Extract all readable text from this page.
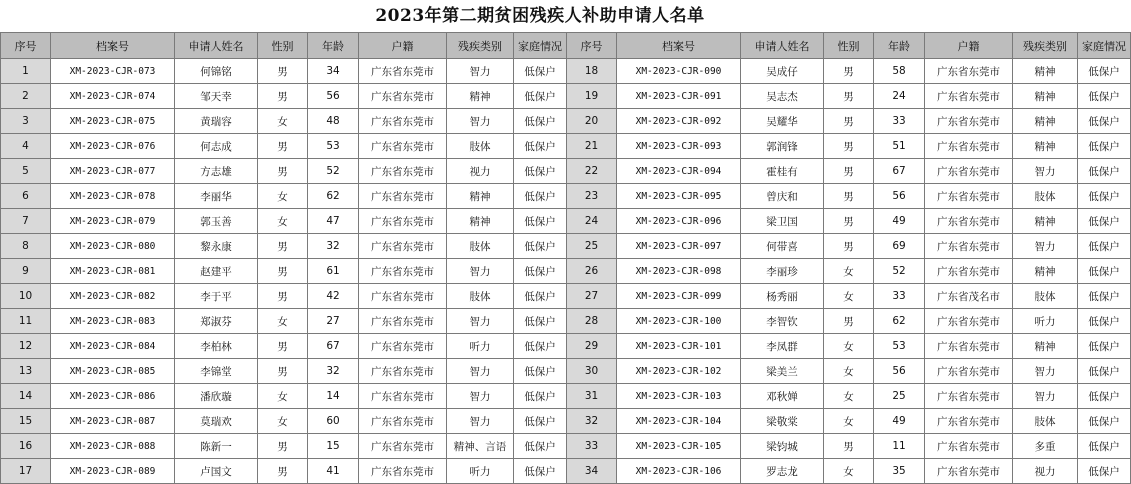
2023年第二期贫困残疾人补助申请人名单
序号	档案号	申请人姓名	性别	年龄	户籍	残疾类别	家庭情况	序号	档案号	申请人姓名	性别	年龄	户籍	残疾类别	家庭情况
1	XM-2023-CJR-073	何锦铭	男	34	广东省东莞市	智力	低保户	18	XM-2023-CJR-090	吴成仔	男	58	广东省东莞市	精神	低保户
2	XM-2023-CJR-074	邹天幸	男	56	广东省东莞市	精神	低保户	19	XM-2023-CJR-091	吴志杰	男	24	广东省东莞市	精神	低保户
3	XM-2023-CJR-075	黄瑞容	女	48	广东省东莞市	智力	低保户	20	XM-2023-CJR-092	吴耀华	男	33	广东省东莞市	精神	低保户
4	XM-2023-CJR-076	何志成	男	53	广东省东莞市	肢体	低保户	21	XM-2023-CJR-093	郭润锋	男	51	广东省东莞市	精神	低保户
5	XM-2023-CJR-077	方志雄	男	52	广东省东莞市	视力	低保户	22	XM-2023-CJR-094	霍桂有	男	67	广东省东莞市	智力	低保户
6	XM-2023-CJR-078	李丽华	女	62	广东省东莞市	精神	低保户	23	XM-2023-CJR-095	曾庆和	男	56	广东省东莞市	肢体	低保户
7	XM-2023-CJR-079	郭玉善	女	47	广东省东莞市	精神	低保户	24	XM-2023-CJR-096	梁卫国	男	49	广东省东莞市	精神	低保户
8	XM-2023-CJR-080	黎永康	男	32	广东省东莞市	肢体	低保户	25	XM-2023-CJR-097	何带喜	男	69	广东省东莞市	智力	低保户
9	XM-2023-CJR-081	赵建平	男	61	广东省东莞市	智力	低保户	26	XM-2023-CJR-098	李丽珍	女	52	广东省东莞市	精神	低保户
10	XM-2023-CJR-082	李于平	男	42	广东省东莞市	肢体	低保户	27	XM-2023-CJR-099	杨秀丽	女	33	广东省茂名市	肢体	低保户
11	XM-2023-CJR-083	郑淑芬	女	27	广东省东莞市	智力	低保户	28	XM-2023-CJR-100	李智钦	男	62	广东省东莞市	听力	低保户
12	XM-2023-CJR-084	李柏林	男	67	广东省东莞市	听力	低保户	29	XM-2023-CJR-101	李凤群	女	53	广东省东莞市	精神	低保户
13	XM-2023-CJR-085	李锦堂	男	32	广东省东莞市	智力	低保户	30	XM-2023-CJR-102	梁美兰	女	56	广东省东莞市	智力	低保户
14	XM-2023-CJR-086	潘欣璇	女	14	广东省东莞市	智力	低保户	31	XM-2023-CJR-103	邓秋婵	女	25	广东省东莞市	智力	低保户
15	XM-2023-CJR-087	莫瑞欢	女	60	广东省东莞市	智力	低保户	32	XM-2023-CJR-104	梁敬棠	女	49	广东省东莞市	肢体	低保户
16	XM-2023-CJR-088	陈新一	男	15	广东省东莞市	精神、言语	低保户	33	XM-2023-CJR-105	梁钧城	男	11	广东省东莞市	多重	低保户
17	XM-2023-CJR-089	卢国文	男	41	广东省东莞市	听力	低保户	34	XM-2023-CJR-106	罗志龙	女	35	广东省东莞市	视力	低保户
